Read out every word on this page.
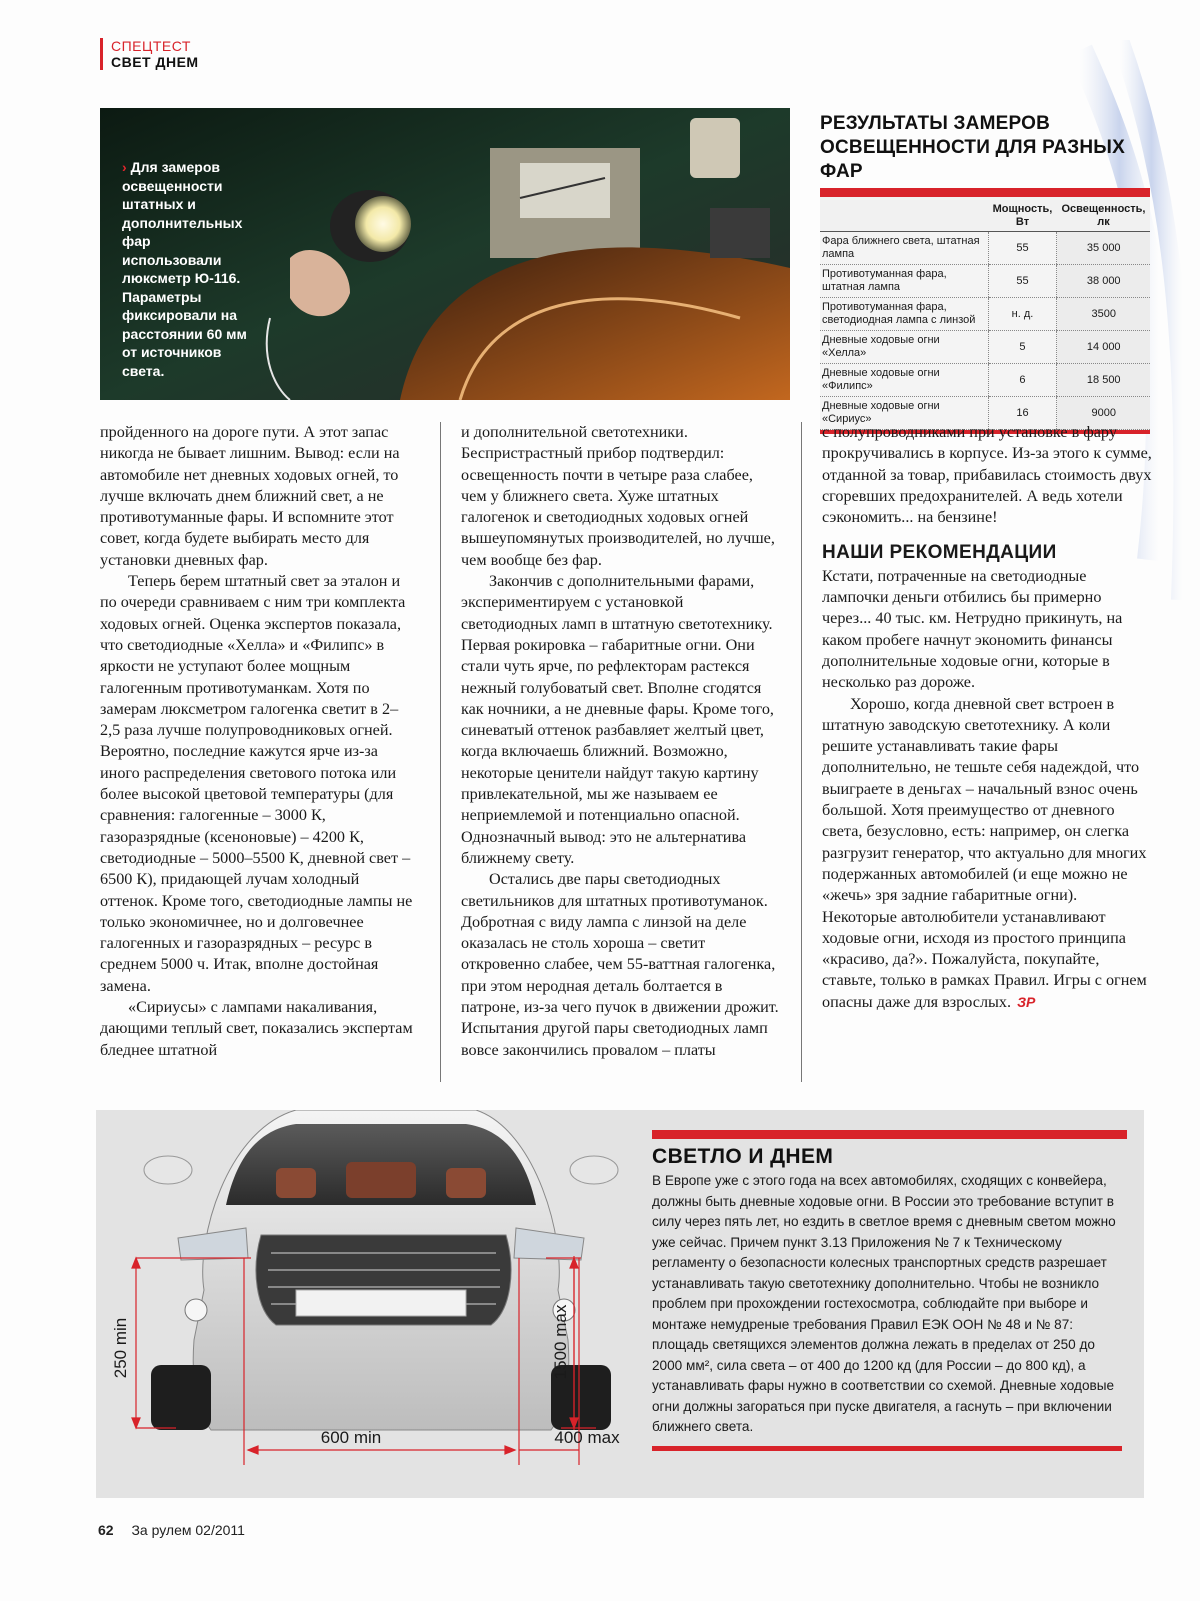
СПЕЦТЕСТ
СВЕТ ДНЕМ
› Для замеров освещенности штатных и дополнительных фар использовали люксметр Ю-116. Параметры фиксировали на расстоянии 60 мм от источников света.
РЕЗУЛЬТАТЫ ЗАМЕРОВ
ОСВЕЩЕННОСТИ ДЛЯ РАЗНЫХ ФАР
	Мощность, Вт	Освещенность, лк
Фара ближнего света, штатная лампа	55	35 000
Противотуманная фара, штатная лампа	55	38 000
Противотуманная фара, светодиодная лампа с линзой	н. д.	3500
Дневные ходовые огни «Хелла»	5	14 000
Дневные ходовые огни «Филипс»	6	18 500
Дневные ходовые огни «Сириус»	16	9000

пройденного на дороге пути. А этот запас никогда не бывает лишним. Вывод: если на автомобиле нет дневных ходовых огней, то лучше включать днем ближний свет, а не противотуманные фары. И вспомните этот совет, когда будете выбирать место для установки дневных фар.

Теперь берем штатный свет за эталон и по очереди сравниваем с ним три комплекта ходовых огней. Оценка экспертов показала, что светодиодные «Хелла» и «Филипс» в яркости не уступают более мощным галогенным противотуманкам. Хотя по замерам люксметром галогенка светит в 2–2,5 раза лучше полупроводниковых огней. Вероятно, последние кажутся ярче из-за иного распределения светового потока или более высокой цветовой температуры (для сравнения: галогенные – 3000 К, газоразрядные (ксеноновые) – 4200 К, светодиодные – 5000–5500 К, дневной свет – 6500 К), придающей лучам холодный оттенок. Кроме того, светодиодные лампы не только экономичнее, но и долговечнее галогенных и газоразрядных – ресурс в среднем 5000 ч. Итак, вполне достойная замена.

«Сириусы» с лампами накаливания, дающими теплый свет, показались экспертам бледнее штатной

и дополнительной светотехники. Беспристрастный прибор подтвердил: освещенность почти в четыре раза слабее, чем у ближнего света. Хуже штатных галогенок и светодиодных ходовых огней вышеупомянутых производителей, но лучше, чем вообще без фар.

Закончив с дополнительными фарами, экспериментируем с установкой светодиодных ламп в штатную светотехнику. Первая рокировка – габаритные огни. Они стали чуть ярче, по рефлекторам растекся нежный голубоватый свет. Вполне сгодятся как ночники, а не дневные фары. Кроме того, синеватый оттенок разбавляет желтый цвет, когда включаешь ближний. Возможно, некоторые ценители найдут такую картину привлекательной, мы же называем ее неприемлемой и потенциально опасной. Однозначный вывод: это не альтернатива ближнему свету.

Остались две пары светодиодных светильников для штатных противотуманок. Добротная с виду лампа с линзой на деле оказалась не столь хороша – светит откровенно слабее, чем 55-ваттная галогенка, при этом неродная деталь болтается в патроне, из-за чего пучок в движении дрожит. Испытания другой пары светодиодных ламп вовсе закончились провалом – платы

с полупроводниками при установке в фару прокручивались в корпусе. Из-за этого к сумме, отданной за товар, прибавилась стоимость двух сгоревших предохранителей. А ведь хотели сэкономить... на бензине!

НАШИ РЕКОМЕНДАЦИИ

Кстати, потраченные на светодиодные лампочки деньги отбились бы примерно через... 40 тыс. км. Нетрудно прикинуть, на каком пробеге начнут экономить финансы дополнительные ходовые огни, которые в несколько раз дороже.

Хорошо, когда дневной свет встроен в штатную заводскую светотехнику. А коли решите устанавливать такие фары дополнительно, не тешьте себя надеждой, что выиграете в деньгах – начальный взнос очень большой. Хотя преимущество от дневного света, безусловно, есть: например, он слегка разгрузит генератор, что актуально для многих подержанных автомобилей (и еще можно не «жечь» зря задние габаритные огни). Некоторые автолюбители устанавливают ходовые огни, исходя из простого принципа «красиво, да?». Пожалуйста, покупайте, ставьте, только в рамках Правил. Игры с огнем опасны даже для взрослых. ЗР

250 min	1500 max
600 min	400 max
СВЕТЛО И ДНЕМ
В Европе уже с этого года на всех автомобилях, сходящих с конвейера, должны быть дневные ходовые огни. В России это требование вступит в силу через пять лет, но ездить в светлое время с дневным светом можно уже сейчас. Причем пункт 3.13 Приложения № 7 к Техническому регламенту о безопасности колесных транспортных средств разрешает устанавливать такую светотехнику дополнительно. Чтобы не возникло проблем при прохождении гостехосмотра, соблюдайте при выборе и монтаже немудреные требования Правил ЕЭК ООН № 48 и № 87: площадь светящихся элементов должна лежать в пределах от 250 до 2000 мм², сила света – от 400 до 1200 кд (для России – до 800 кд), а устанавливать фары нужно в соответствии со схемой. Дневные ходовые огни должны загораться при пуске двигателя, а гаснуть – при включении ближнего света.
62 За рулем 02/2011
